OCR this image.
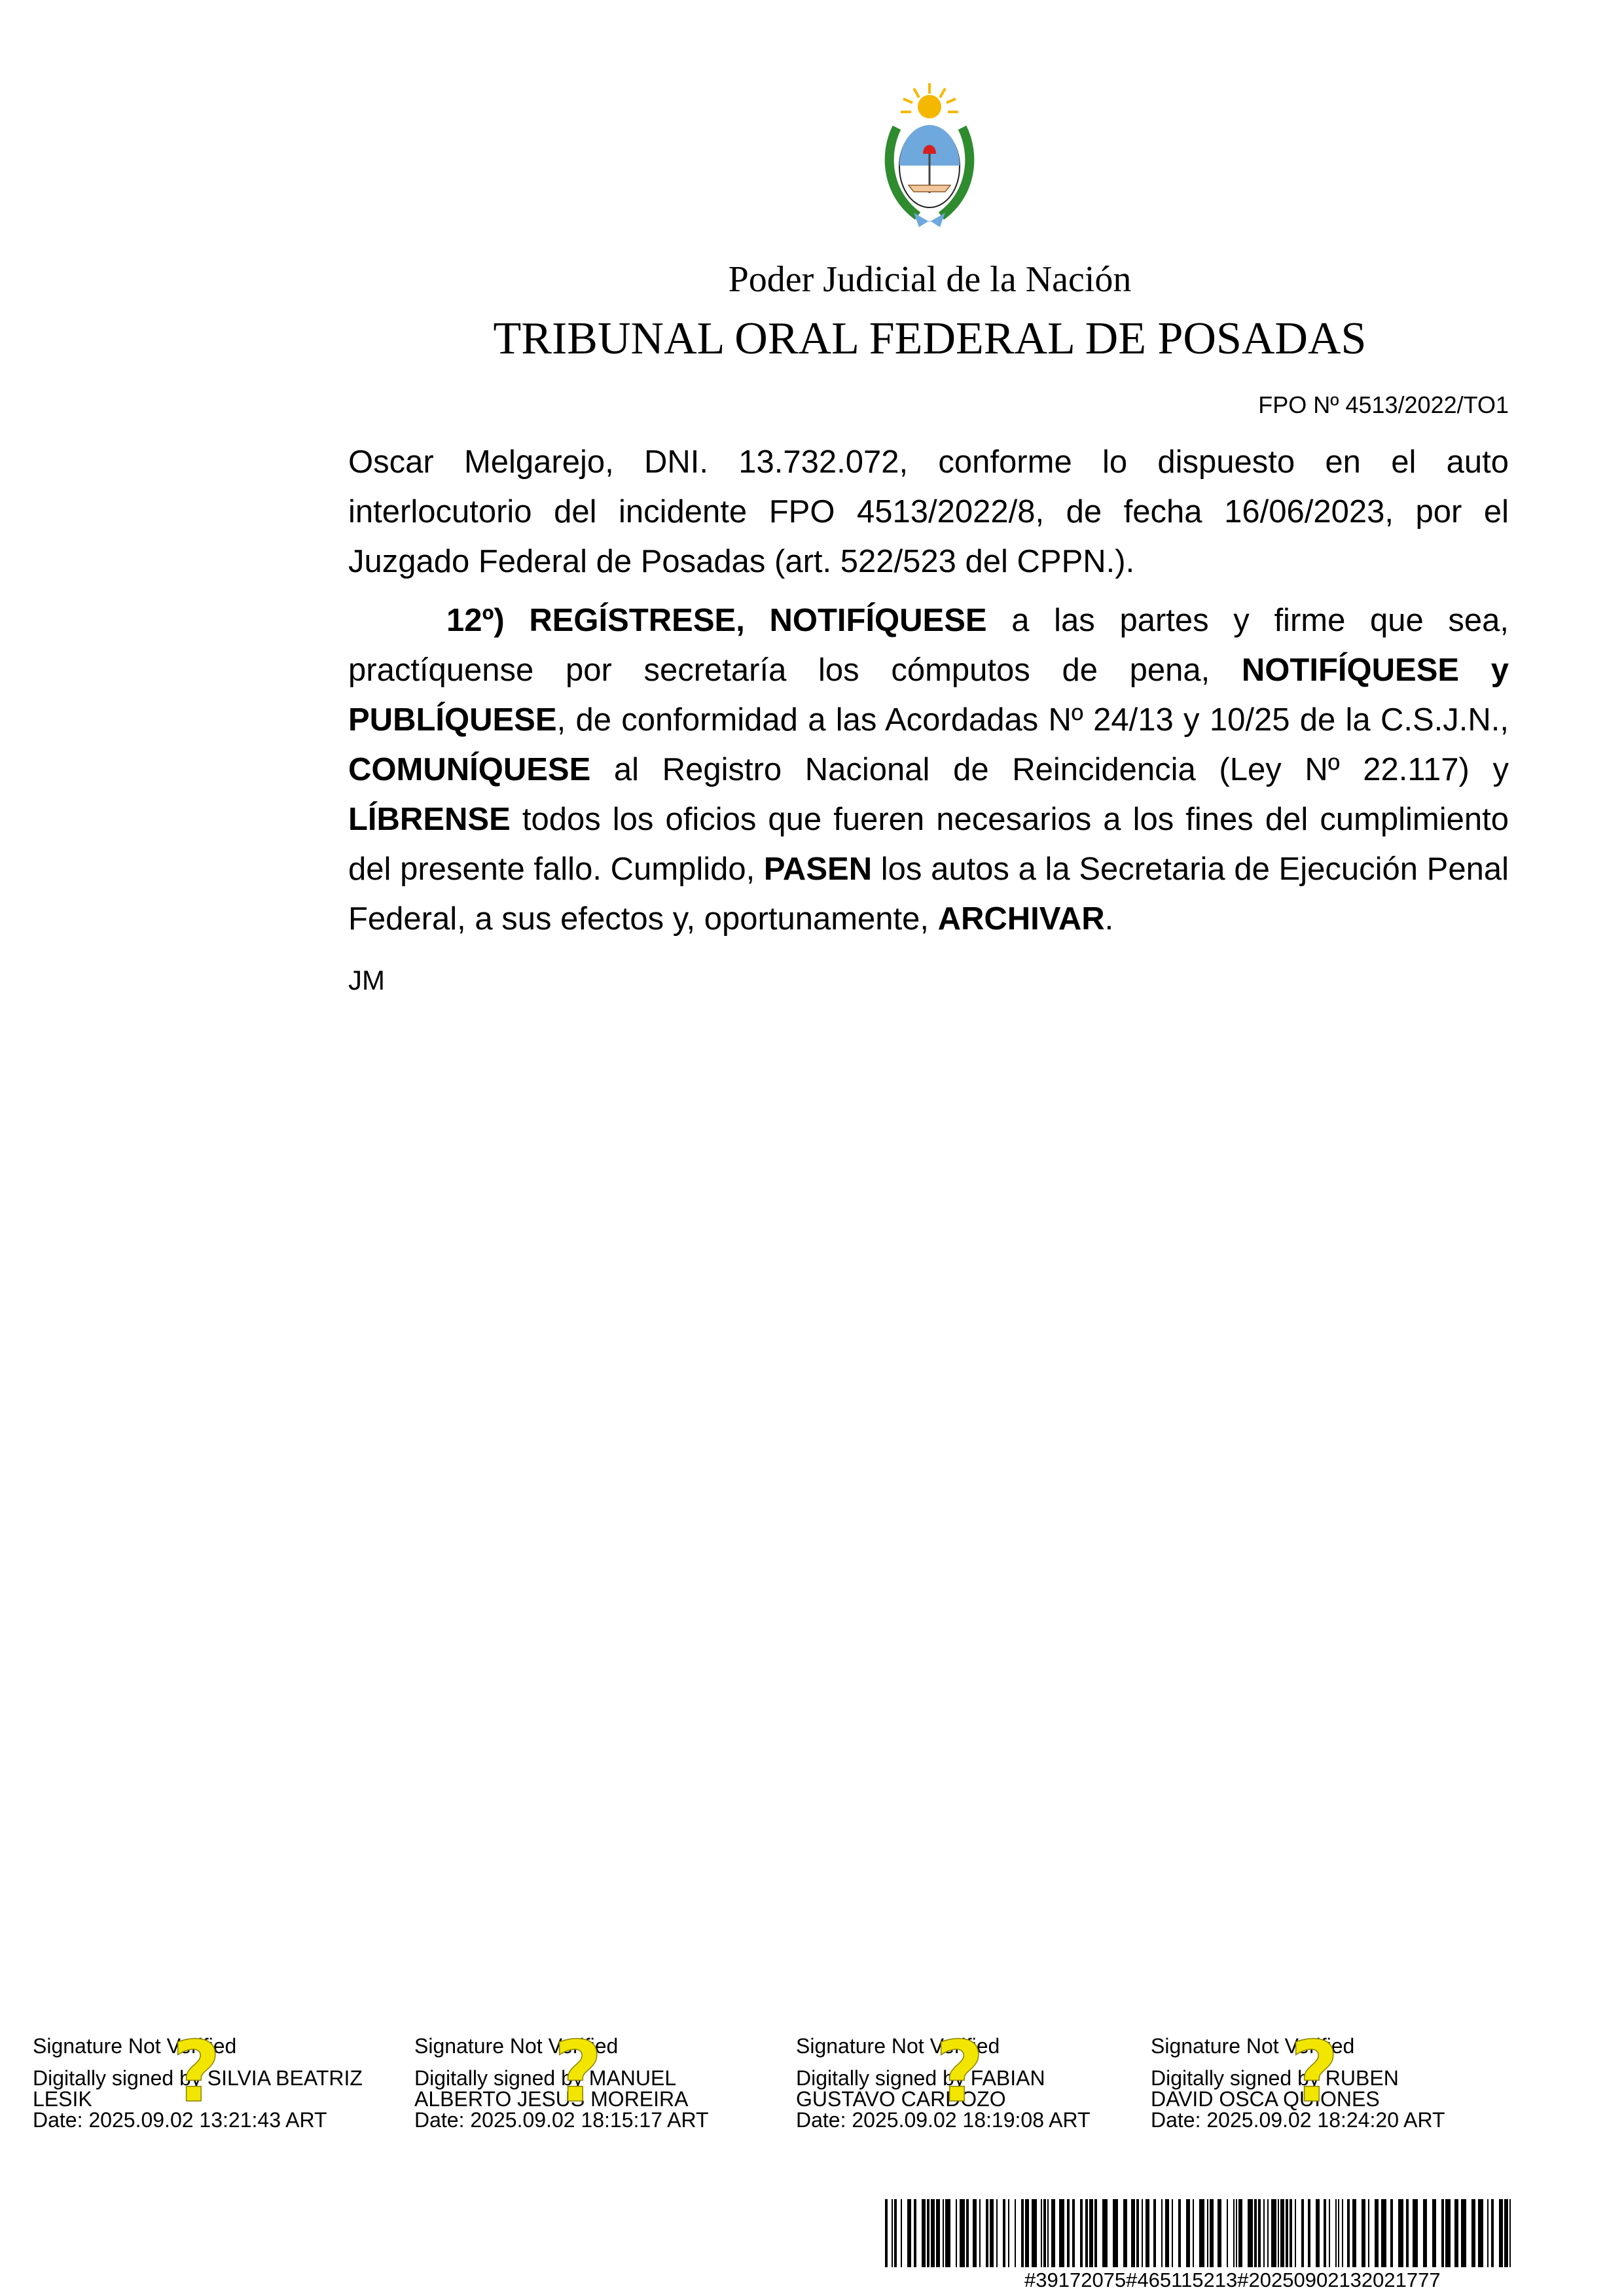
Poder Judicial de la Nación
TRIBUNAL ORAL FEDERAL DE POSADAS
FPO Nº 4513/2022/TO1

Oscar Melgarejo, DNI. 13.732.072, conforme lo dispuesto en el auto interlocutorio del incidente FPO 4513/2022/8, de fecha 16/06/2023, por el Juzgado Federal de Posadas (art. 522/523 del CPPN.).

12º) REGÍSTRESE, NOTIFÍQUESE a las partes y firme que sea, practíquense por secretaría los cómputos de pena, NOTIFÍQUESE y PUBLÍQUESE, de conformidad a las Acordadas Nº 24/13 y 10/25 de la C.S.J.N., COMUNÍQUESE al Registro Nacional de Reincidencia (Ley Nº 22.117) y LÍBRENSE todos los oficios que fueren necesarios a los fines del cumplimiento del presente fallo. Cumplido, PASEN los autos a la Secretaria de Ejecución Penal Federal, a sus efectos y, oportunamente, ARCHIVAR.

JM
?
Signature Not Verified
Digitally signed by SILVIA BEATRIZ
LESIK
Date: 2025.09.02 13:21:43 ART	?
Signature Not Verified
Digitally signed by MANUEL
ALBERTO JESUS MOREIRA
Date: 2025.09.02 18:15:17 ART	?
Signature Not Verified
Digitally signed by FABIAN
GUSTAVO CARDOZO
Date: 2025.09.02 18:19:08 ART	?
Signature Not Verified
Digitally signed by RUBEN
DAVID OSCA QUIONES
Date: 2025.09.02 18:24:20 ART
#39172075#465115213#20250902132021777
